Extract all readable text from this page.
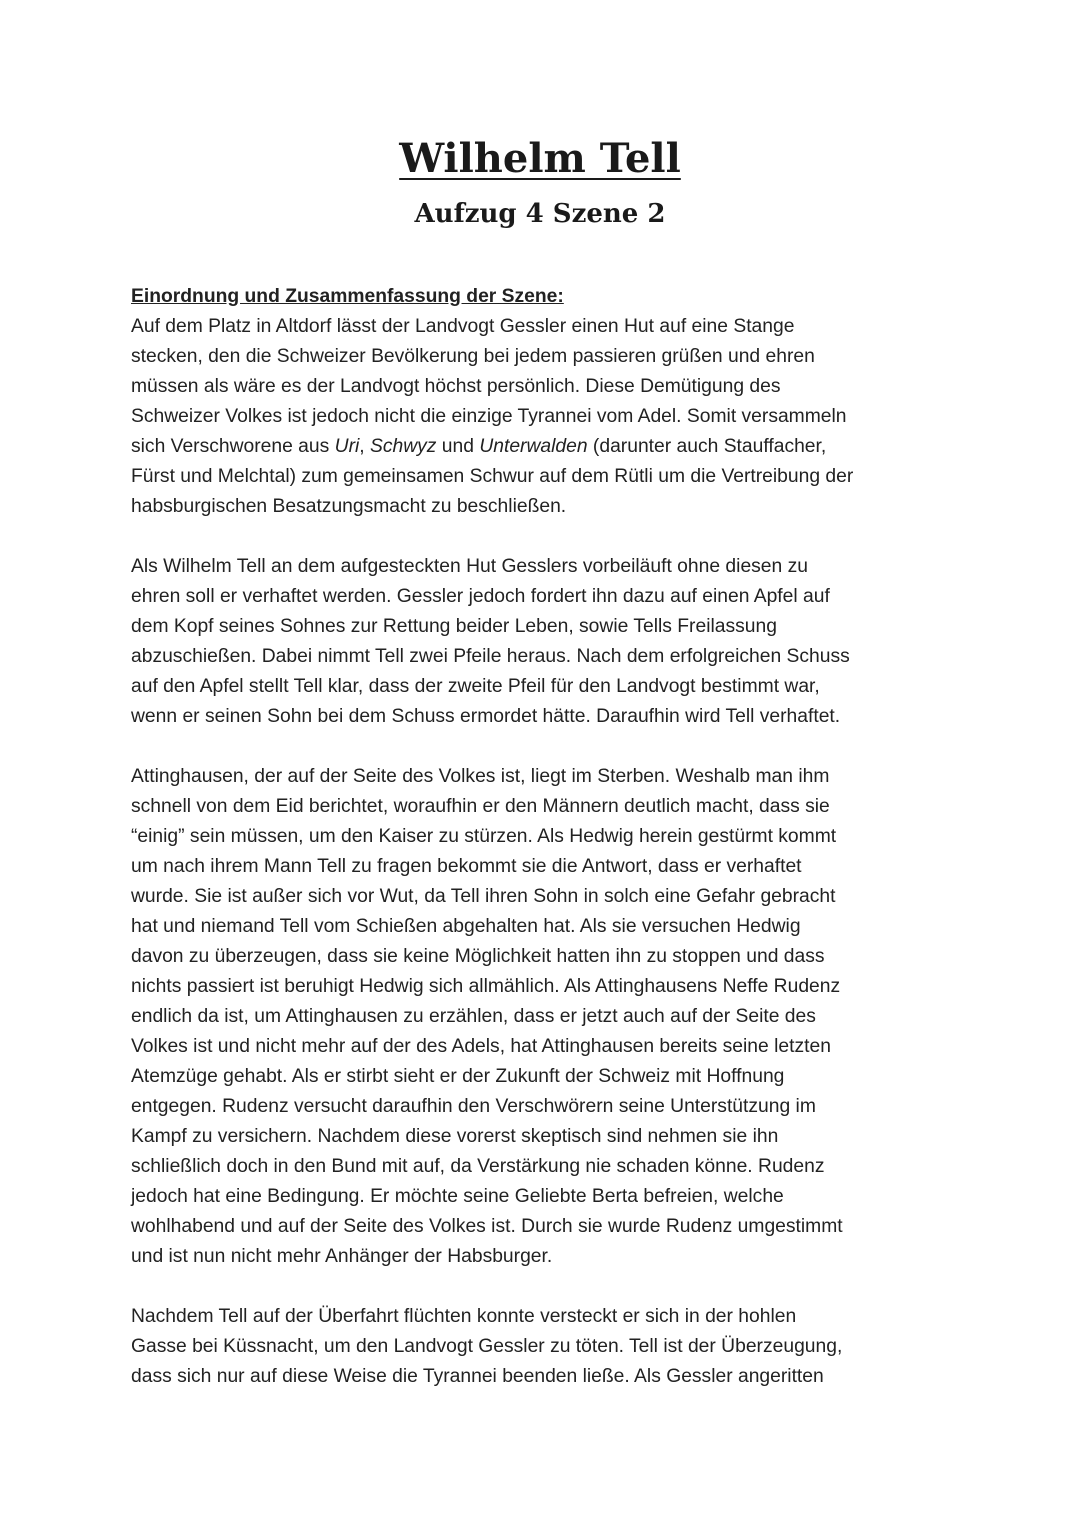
Wilhelm Tell
Aufzug 4 Szene 2

Einordnung und Zusammenfassung der Szene:

Auf dem Platz in Altdorf lässt der Landvogt Gessler einen Hut auf eine Stange
stecken, den die Schweizer Bevölkerung bei jedem passieren grüßen und ehren
müssen als wäre es der Landvogt höchst persönlich. Diese Demütigung des
Schweizer Volkes ist jedoch nicht die einzige Tyrannei vom Adel. Somit versammeln
sich Verschworene aus Uri, Schwyz und Unterwalden (darunter auch Stauffacher,
Fürst und Melchtal) zum gemeinsamen Schwur auf dem Rütli um die Vertreibung der
habsburgischen Besatzungsmacht zu beschließen.

Als Wilhelm Tell an dem aufgesteckten Hut Gesslers vorbeiläuft ohne diesen zu
ehren soll er verhaftet werden. Gessler jedoch fordert ihn dazu auf einen Apfel auf
dem Kopf seines Sohnes zur Rettung beider Leben, sowie Tells Freilassung
abzuschießen. Dabei nimmt Tell zwei Pfeile heraus. Nach dem erfolgreichen Schuss
auf den Apfel stellt Tell klar, dass der zweite Pfeil für den Landvogt bestimmt war,
wenn er seinen Sohn bei dem Schuss ermordet hätte. Daraufhin wird Tell verhaftet.

Attinghausen, der auf der Seite des Volkes ist, liegt im Sterben. Weshalb man ihm
schnell von dem Eid berichtet, woraufhin er den Männern deutlich macht, dass sie
“einig” sein müssen, um den Kaiser zu stürzen. Als Hedwig herein gestürmt kommt
um nach ihrem Mann Tell zu fragen bekommt sie die Antwort, dass er verhaftet
wurde. Sie ist außer sich vor Wut, da Tell ihren Sohn in solch eine Gefahr gebracht
hat und niemand Tell vom Schießen abgehalten hat. Als sie versuchen Hedwig
davon zu überzeugen, dass sie keine Möglichkeit hatten ihn zu stoppen und dass
nichts passiert ist beruhigt Hedwig sich allmählich. Als Attinghausens Neffe Rudenz
endlich da ist, um Attinghausen zu erzählen, dass er jetzt auch auf der Seite des
Volkes ist und nicht mehr auf der des Adels, hat Attinghausen bereits seine letzten
Atemzüge gehabt. Als er stirbt sieht er der Zukunft der Schweiz mit Hoffnung
entgegen. Rudenz versucht daraufhin den Verschwörern seine Unterstützung im
Kampf zu versichern. Nachdem diese vorerst skeptisch sind nehmen sie ihn
schließlich doch in den Bund mit auf, da Verstärkung nie schaden könne. Rudenz
jedoch hat eine Bedingung. Er möchte seine Geliebte Berta befreien, welche
wohlhabend und auf der Seite des Volkes ist. Durch sie wurde Rudenz umgestimmt
und ist nun nicht mehr Anhänger der Habsburger.

Nachdem Tell auf der Überfahrt flüchten konnte versteckt er sich in der hohlen
Gasse bei Küssnacht, um den Landvogt Gessler zu töten. Tell ist der Überzeugung,
dass sich nur auf diese Weise die Tyrannei beenden ließe. Als Gessler angeritten
